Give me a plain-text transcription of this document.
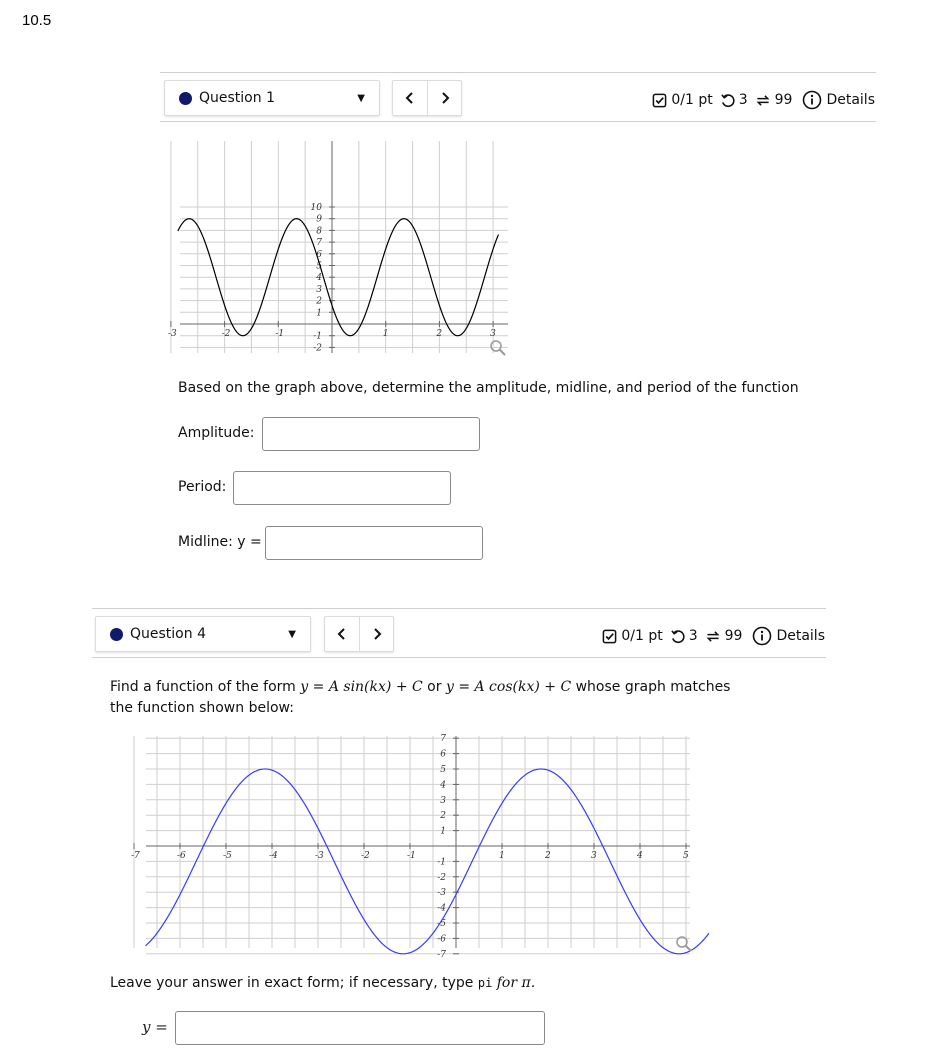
10.5
Question 1	▼	0/1 pt 3 99 Details
-3	-2	-1	1	2	3
10
9
8
7
6
5
4
3
2
1
-1
-2
Based on the graph above, determine the amplitude, midline, and period of the function
Amplitude:
Period:
Midline: y =
Question 4	▼	0/1 pt 3 99 Details
Find a function of the form y = A sin(kx) + C or y = A cos(kx) + C whose graph matches
the function shown below:
-7	-6	-5	-4	-3	-2	-1	1	2	3	4	5
7
6
5
4
3
2
1
-1
-2
-3
-4
-5
-6
-7
Leave your answer in exact form; if necessary, type pi for π.
y =
